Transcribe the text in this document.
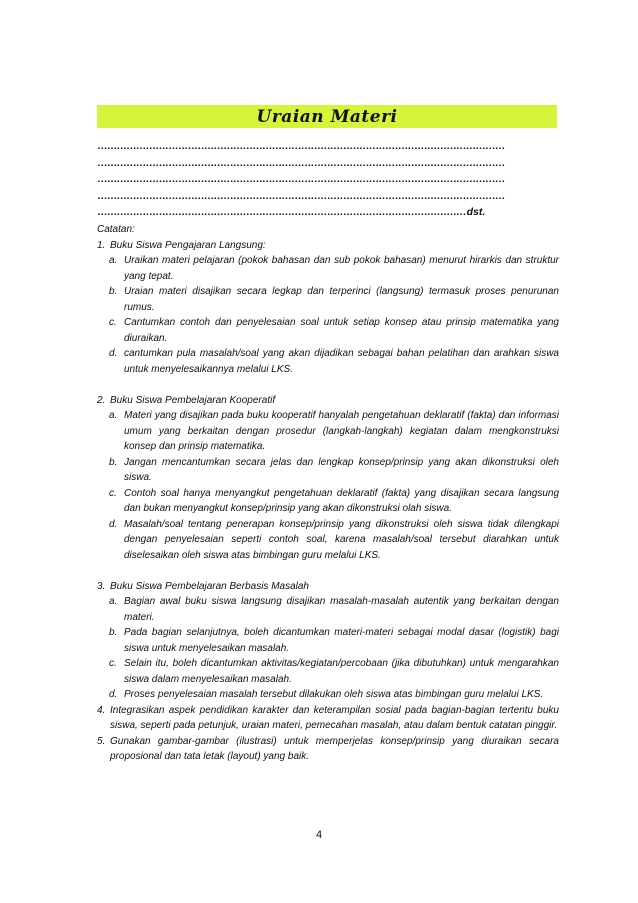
Uraian Materi
………………………………………………………………………………………………………………
………………………………………………………………………………………………………………
………………………………………………………………………………………………………………
………………………………………………………………………………………………………………
……………………………………………………………………………………………………dst.

Catatan:

1. Buku Siswa Pengajaran Langsung:
a. Uraikan materi pelajaran (pokok bahasan dan sub pokok bahasan) menurut hirarkis dan struktur yang tepat.
b. Uraian materi disajikan secara legkap dan terperinci (langsung) termasuk proses penurunan rumus.
c. Cantumkan contoh dan penyelesaian soal untuk setiap konsep atau prinsip matematika yang diuraikan.
d. cantumkan pula masalah/soal yang akan dijadikan sebagai bahan pelatihan dan arahkan siswa untuk menyelesaikannya melalui LKS.
2. Buku Siswa Pembelajaran Kooperatif
a. Materi yang disajikan pada buku kooperatif hanyalah pengetahuan deklaratif (fakta) dan informasi umum yang berkaitan dengan prosedur (langkah-langkah) kegiatan dalam mengkonstruksi konsep dan prinsip matematika.
b. Jangan mencantumkan secara jelas dan lengkap konsep/prinsip yang akan dikonstruksi oleh siswa.
c. Contoh soal hanya menyangkut pengetahuan deklaratif (fakta) yang disajikan secara langsung dan bukan menyangkut konsep/prinsip yang akan dikonstruksi olah siswa.
d. Masalah/soal tentang penerapan konsep/prinsip yang dikonstruksi oleh siswa tidak dilengkapi dengan penyelesaian seperti contoh soal, karena masalah/soal tersebut diarahkan untuk diselesaikan oleh siswa atas bimbingan guru melalui LKS.
3. Buku Siswa Pembelajaran Berbasis Masalah
a. Bagian awal buku siswa langsung disajikan masalah-masalah autentik yang berkaitan dengan materi.
b. Pada bagian selanjutnya, boleh dicantumkan materi-materi sebagai modal dasar (logistik) bagi siswa untuk menyelesaikan masalah.
c. Selain itu, boleh dicantumkan aktivitas/kegiatan/percobaan (jika dibutuhkan) untuk mengarahkan siswa dalam menyelesaikan masalah.
d. Proses penyelesaian masalah tersebut dilakukan oleh siswa atas bimbingan guru melalui LKS.
4. Integrasikan aspek pendidikan karakter dan keterampilan sosial pada bagian-bagian tertentu buku siswa, seperti pada petunjuk, uraian materi, pemecahan masalah, atau dalam bentuk catatan pinggir.
5. Gunakan gambar-gambar (ilustrasi) untuk memperjelas konsep/prinsip yang diuraikan secara proposional dan tata letak (layout) yang baik.
4
